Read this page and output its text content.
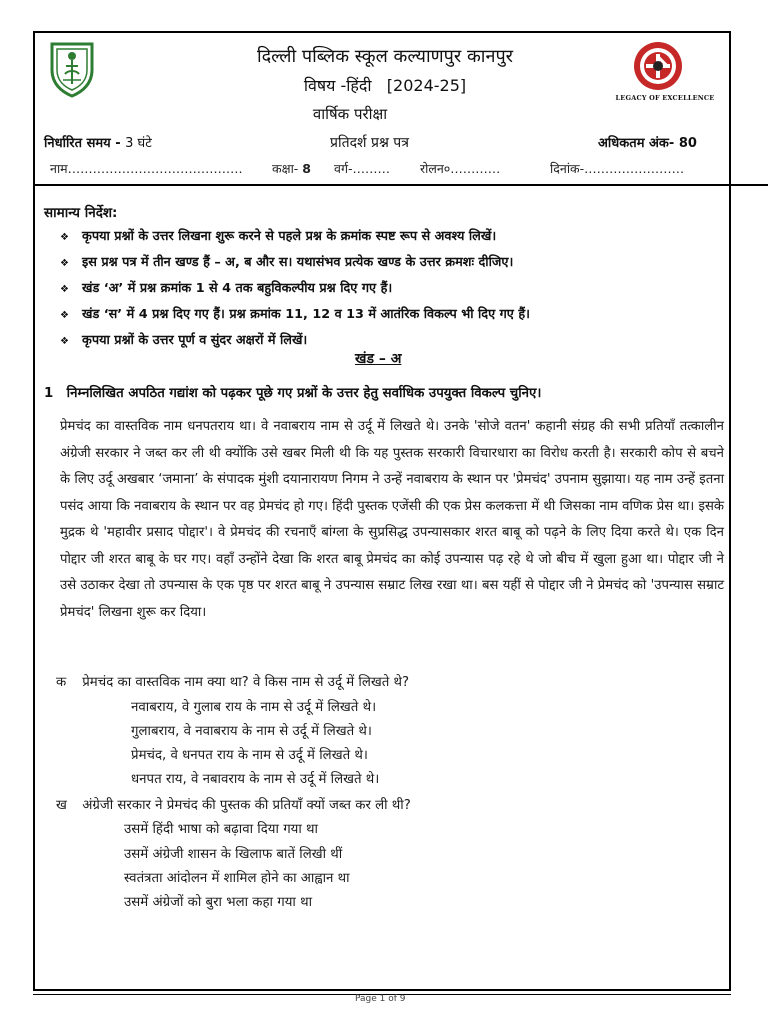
LEGACY OF EXCELLENCE
दिल्ली पब्लिक स्कूल कल्याणपुर कानपुर
विषय -हिंदी   [2024-25]
वार्षिक परीक्षा
निर्धारित समय - 3 घंटे	प्रतिदर्श प्रश्न पत्र	अधिकतम अंक- 80
नाम…………………………………… कक्षा- 8 वर्ग-……… रोलन०…………	दिनांक-……………………
सामान्य निर्देश:
❖ कृपया प्रश्नों के उत्तर लिखना शुरू करने से पहले प्रश्न के क्रमांक स्पष्ट रूप से अवश्य लिखें।
❖ इस प्रश्न पत्र में तीन खण्ड हैं – अ, ब और स। यथासंभव प्रत्येक खण्ड के उत्तर क्रमशः दीजिए।
❖ खंड ‘अ’ में प्रश्न क्रमांक 1 से 4 तक बहुविकल्पीय प्रश्न दिए गए हैं।
❖ खंड ‘स’ में 4 प्रश्न दिए गए हैं। प्रश्न क्रमांक 11, 12 व 13 में आतंरिक विकल्प भी दिए गए हैं।
❖ कृपया प्रश्नों के उत्तर पूर्ण व सुंदर अक्षरों में लिखें।
खंड – अ
1 निम्नलिखित अपठित गद्यांश को पढ़कर पूछे गए प्रश्नों के उत्तर हेतु सर्वाधिक उपयुक्त विकल्प चुनिए।
प्रेमचंद का वास्तविक नाम धनपतराय था। वे नवाबराय नाम से उर्दू में लिखते थे। उनके 'सोजे वतन' कहानी संग्रह की सभी प्रतियाँ तत्कालीन अंग्रेजी सरकार ने जब्त कर ली थी क्योंकि उसे खबर मिली थी कि यह पुस्तक सरकारी विचारधारा का विरोध करती है। सरकारी कोप से बचने के लिए उर्दू अखबार ‘जमाना’ के संपादक मुंशी दयानारायण निगम ने उन्हें नवाबराय के स्थान पर 'प्रेमचंद' उपनाम सुझाया। यह नाम उन्हें इतना पसंद आया कि नवाबराय के स्थान पर वह प्रेमचंद हो गए। हिंदी पुस्तक एजेंसी की एक प्रेस कलकत्ता में थी जिसका नाम वणिक प्रेस था। इसके मुद्रक थे 'महावीर प्रसाद पोद्दार'। वे प्रेमचंद की रचनाएँ बांग्ला के सुप्रसिद्ध उपन्यासकार शरत बाबू को पढ़ने के लिए दिया करते थे। एक दिन पोद्दार जी शरत बाबू के घर गए। वहाँ उन्होंने देखा कि शरत बाबू प्रेमचंद का कोई उपन्यास पढ़ रहे थे जो बीच में खुला हुआ था। पोद्दार जी ने उसे उठाकर देखा तो उपन्यास के एक पृष्ठ पर शरत बाबू ने उपन्यास सम्राट लिख रखा था। बस यहीं से पोद्दार जी ने प्रेमचंद को 'उपन्यास सम्राट प्रेमचंद' लिखना शुरू कर दिया।
क प्रेमचंद का वास्तविक नाम क्या था? वे किस नाम से उर्दू में लिखते थे?
नवाबराय, वे गुलाब राय के नाम से उर्दू में लिखते थे।
गुलाबराय, वे नवाबराय के नाम से उर्दू में लिखते थे।
प्रेमचंद, वे धनपत राय के नाम से उर्दू में लिखते थे।
धनपत राय, वे नबावराय के नाम से उर्दू में लिखते थे।
ख अंग्रेजी सरकार ने प्रेमचंद की पुस्तक की प्रतियाँ क्यों जब्त कर ली थी?
उसमें हिंदी भाषा को बढ़ावा दिया गया था
उसमें अंग्रेजी शासन के खिलाफ बातें लिखी थीं
स्वतंत्रता आंदोलन में शामिल होने का आह्वान था
उसमें अंग्रेजों को बुरा भला कहा गया था
Page 1 of 9
